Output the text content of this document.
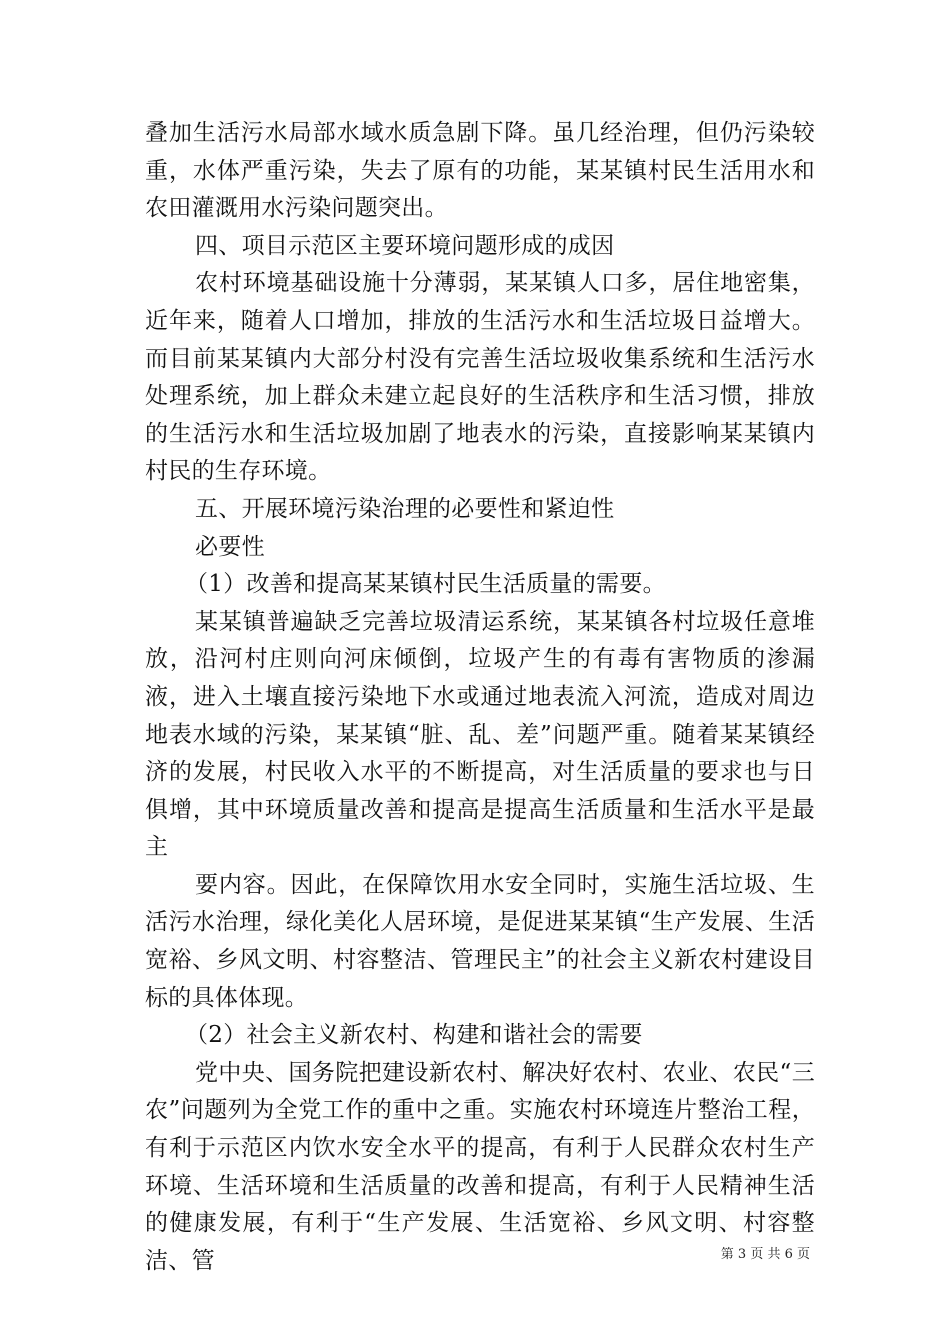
叠加生活污水局部水域水质急剧下降。虽几经治理，但仍污染较重，水体严重污染，失去了原有的功能，某某镇村民生活用水和农田灌溉用水污染问题突出。

四、项目示范区主要环境问题形成的成因

农村环境基础设施十分薄弱，某某镇人口多，居住地密集，近年来，随着人口增加，排放的生活污水和生活垃圾日益增大。而目前某某镇内大部分村没有完善生活垃圾收集系统和生活污水处理系统，加上群众未建立起良好的生活秩序和生活习惯，排放的生活污水和生活垃圾加剧了地表水的污染，直接影响某某镇内村民的生存环境。

五、开展环境污染治理的必要性和紧迫性

必要性

（1）改善和提高某某镇村民生活质量的需要。

某某镇普遍缺乏完善垃圾清运系统，某某镇各村垃圾任意堆放，沿河村庄则向河床倾倒，垃圾产生的有毒有害物质的渗漏液，进入土壤直接污染地下水或通过地表流入河流，造成对周边地表水域的污染，某某镇“脏、乱、差”问题严重。随着某某镇经济的发展，村民收入水平的不断提高，对生活质量的要求也与日俱增，其中环境质量改善和提高是提高生活质量和生活水平是最主

要内容。因此，在保障饮用水安全同时，实施生活垃圾、生活污水治理，绿化美化人居环境，是促进某某镇“生产发展、生活宽裕、乡风文明、村容整洁、管理民主”的社会主义新农村建设目标的具体体现。

（2）社会主义新农村、构建和谐社会的需要

党中央、国务院把建设新农村、解决好农村、农业、农民“三农”问题列为全党工作的重中之重。实施农村环境连片整治工程，有利于示范区内饮水安全水平的提高，有利于人民群众农村生产环境、生活环境和生活质量的改善和提高，有利于人民精神生活的健康发展，有利于“生产发展、生活宽裕、乡风文明、村容整洁、管	第 3 页 共 6 页
